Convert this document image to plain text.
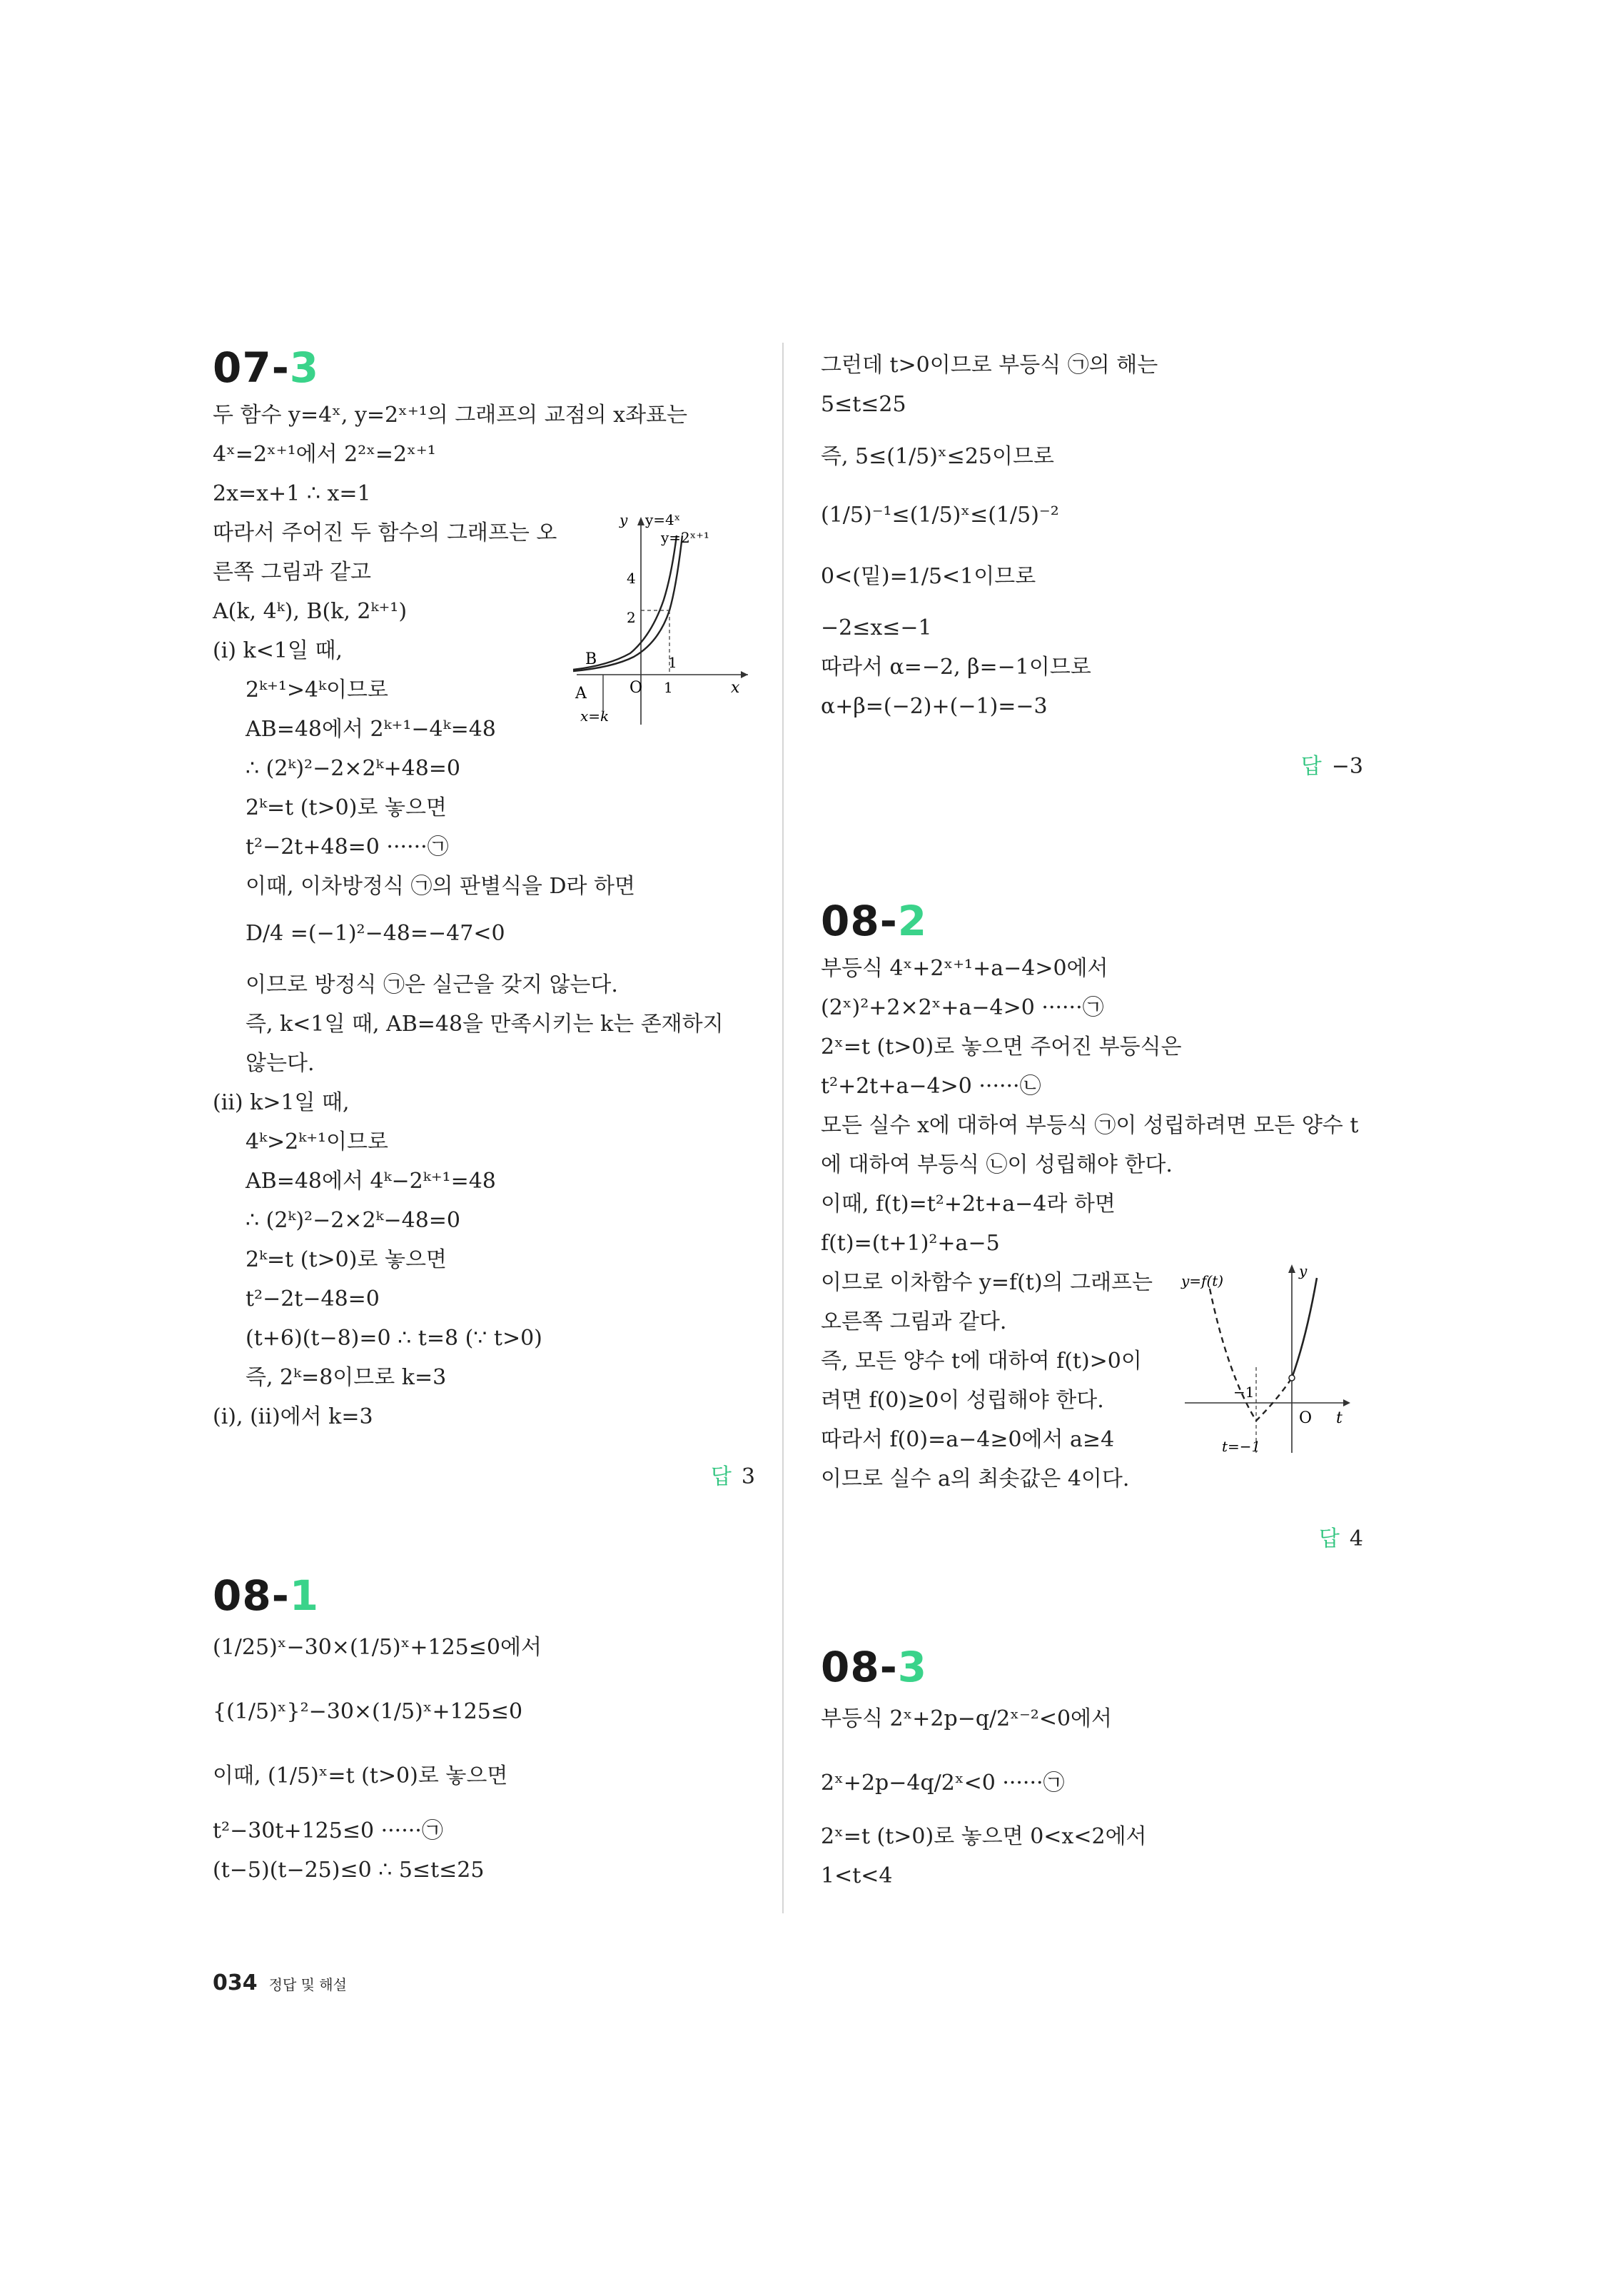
07-3
두 함수 y=4ˣ, y=2ˣ⁺¹의 그래프의 교점의 x좌표는
4ˣ=2ˣ⁺¹에서 2²ˣ=2ˣ⁺¹
2x=x+1 ∴ x=1
따라서 주어진 두 함수의 그래프는 오
른쪽 그림과 같고
A(k, 4ᵏ), B(k, 2ᵏ⁺¹)
(ⅰ) k<1일 때,
2ᵏ⁺¹>4ᵏ이므로
AB=48에서 2ᵏ⁺¹−4ᵏ=48
∴ (2ᵏ)²−2×2ᵏ+48=0
2ᵏ=t (t>0)로 놓으면
t²−2t+48=0 ······㉠
이때, 이차방정식 ㉠의 판별식을 D라 하면
D/4 =(−1)²−48=−47<0
이므로 방정식 ㉠은 실근을 갖지 않는다.
즉, k<1일 때, AB=48을 만족시키는 k는 존재하지
않는다.
(ⅱ) k>1일 때,
4ᵏ>2ᵏ⁺¹이므로
AB=48에서 4ᵏ−2ᵏ⁺¹=48
∴ (2ᵏ)²−2×2ᵏ−48=0
2ᵏ=t (t>0)로 놓으면
t²−2t−48=0
(t+6)(t−8)=0 ∴ t=8 (∵ t>0)
즉, 2ᵏ=8이므로 k=3
(ⅰ), (ⅱ)에서 k=3
답 3
y y=4ˣ
y=2ˣ⁺¹
4
2
1
O 1	x
B
A
x=k
08-1
(1/25)ˣ−30×(1/5)ˣ+125≤0에서
{(1/5)ˣ}²−30×(1/5)ˣ+125≤0
이때, (1/5)ˣ=t (t>0)로 놓으면
t²−30t+125≤0 ······㉠
(t−5)(t−25)≤0 ∴ 5≤t≤25
그런데 t>0이므로 부등식 ㉠의 해는
5≤t≤25
즉, 5≤(1/5)ˣ≤25이므로
(1/5)⁻¹≤(1/5)ˣ≤(1/5)⁻²
0<(밑)=1/5<1이므로
−2≤x≤−1
따라서 α=−2, β=−1이므로
α+β=(−2)+(−1)=−3
답 −3
08-2
부등식 4ˣ+2ˣ⁺¹+a−4>0에서
(2ˣ)²+2×2ˣ+a−4>0 ······㉠
2ˣ=t (t>0)로 놓으면 주어진 부등식은
t²+2t+a−4>0 ······㉡
모든 실수 x에 대하여 부등식 ㉠이 성립하려면 모든 양수 t
에 대하여 부등식 ㉡이 성립해야 한다.
이때, f(t)=t²+2t+a−4라 하면
f(t)=(t+1)²+a−5
이므로 이차함수 y=f(t)의 그래프는
오른쪽 그림과 같다.
즉, 모든 양수 t에 대하여 f(t)>0이
려면 f(0)≥0이 성립해야 한다.
따라서 f(0)=a−4≥0에서 a≥4
이므로 실수 a의 최솟값은 4이다.
답 4
y=f(t)
y
−1
O t
t=−1
08-3
부등식 2ˣ+2p−q/2ˣ⁻²<0에서
2ˣ+2p−4q/2ˣ<0 ······㉠
2ˣ=t (t>0)로 놓으면 0<x<2에서
1<t<4
034 정답 및 해설
